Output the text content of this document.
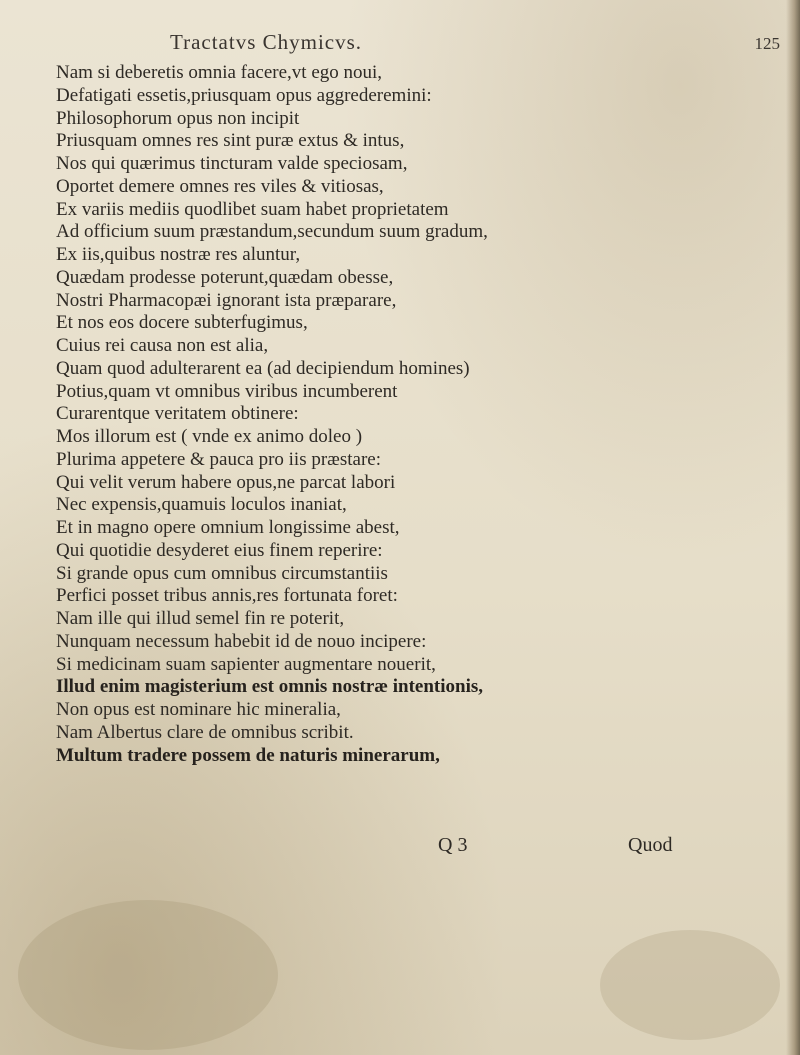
Tractatvs Chymicvs.	125
Nam si deberetis omnia facere,vt ego noui,
Defatigati essetis,priusquam opus aggrederemini:
Philosophorum opus non incipit
Priusquam omnes res sint puræ extus & intus,
Nos qui quærimus tincturam valde speciosam,
Oportet demere omnes res viles & vitiosas,
Ex variis mediis quodlibet suam habet proprietatem
Ad officium suum præstandum,secundum suum gradum,
Ex iis,quibus nostræ res aluntur,
Quædam prodesse poterunt,quædam obesse,
Nostri Pharmacopæi ignorant ista præparare,
Et nos eos docere subterfugimus,
Cuius rei causa non est alia,
Quam quod adulterarent ea (ad decipiendum homines)
Potius,quam vt omnibus viribus incumberent
Curarentque veritatem obtinere:
Mos illorum est ( vnde ex animo doleo )
Plurima appetere & pauca pro iis præstare:
Qui velit verum habere opus,ne parcat labori
Nec expensis,quamuis loculos inaniat,
Et in magno opere omnium longissime abest,
Qui quotidie desyderet eius finem reperire:
Si grande opus cum omnibus circumstantiis
Perfici posset tribus annis,res fortunata foret:
Nam ille qui illud semel fin re poterit,
Nunquam necessum habebit id de nouo incipere:
Si medicinam suam sapienter augmentare nouerit,
Illud enim magisterium est omnis nostræ intentionis,
Non opus est nominare hic mineralia,
Nam Albertus clare de omnibus scribit.
Multum tradere possem de naturis minerarum,
Q 3	Quod
